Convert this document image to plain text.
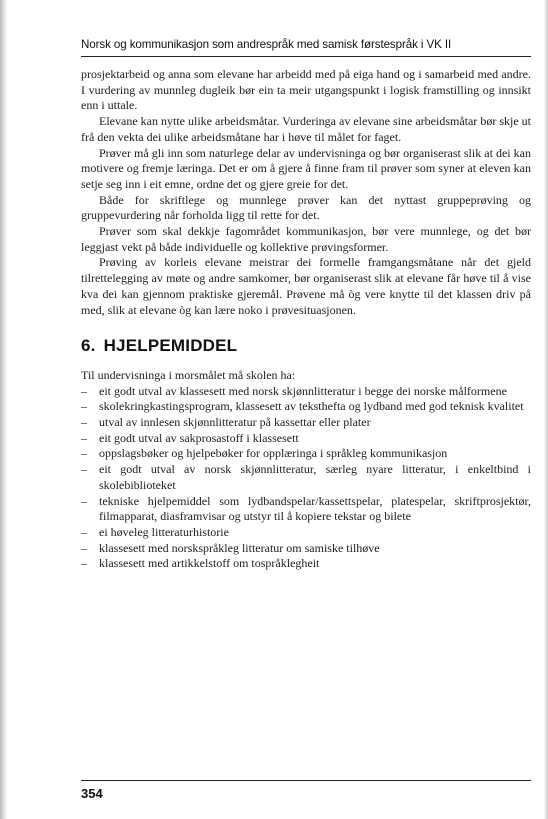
Norsk og kommunikasjon som andrespråk med samisk førstespråk i VK II

prosjektarbeid og anna som elevane har arbeidd med på eiga hand og i samarbeid med andre. I vurdering av munnleg dugleik bør ein ta meir utgangspunkt i logisk framstilling og innsikt enn i uttale.

Elevane kan nytte ulike arbeidsmåtar. Vurderinga av elevane sine arbeidsmåtar bør skje ut frå den vekta dei ulike arbeidsmåtane har i høve til målet for faget.

Prøver må gli inn som naturlege delar av undervisninga og bør organiserast slik at dei kan motivere og fremje læringa. Det er om å gjere å finne fram til prøver som syner at eleven kan setje seg inn i eit emne, ordne det og gjere greie for det.

Både for skriftlege og munnlege prøver kan det nyttast gruppeprøving og gruppevurdering når forholda ligg til rette for det.

Prøver som skal dekkje fagområdet kommunikasjon, bør vere munnlege, og det bør leggjast vekt på både individuelle og kollektive prøvingsformer.

Prøving av korleis elevane meistrar dei formelle framgangsmåtane når det gjeld tilrettelegging av møte og andre samkomer, bør organiserast slik at elevane får høve til å vise kva dei kan gjennom praktiske gjeremål. Prøvene må òg vere knytte til det klassen driv på med, slik at elevane òg kan lære noko i prøvesituasjonen.

6. HJELPEMIDDEL

Til undervisninga i morsmålet må skolen ha:

– eit godt utval av klassesett med norsk skjønnlitteratur i begge dei norske målformene
– skolekringkastingsprogram, klassesett av teksthefta og lydband med god teknisk kvalitet
– utval av innlesen skjønnlitteratur på kassettar eller plater
– eit godt utval av sakprosastoff i klassesett
– oppslagsbøker og hjelpebøker for opplæringa i språkleg kommunikasjon
– eit godt utval av norsk skjønnlitteratur, særleg nyare litteratur, i enkeltbind i skolebiblioteket
– tekniske hjelpemiddel som lydbandspelar/kassettspelar, platespelar, skriftprosjektør, filmapparat, diasframvisar og utstyr til å kopiere tekstar og bilete
– ei høveleg litteraturhistorie
– klassesett med norskspråkleg litteratur om samiske tilhøve
– klassesett med artikkelstoff om tospråklegheit
354
